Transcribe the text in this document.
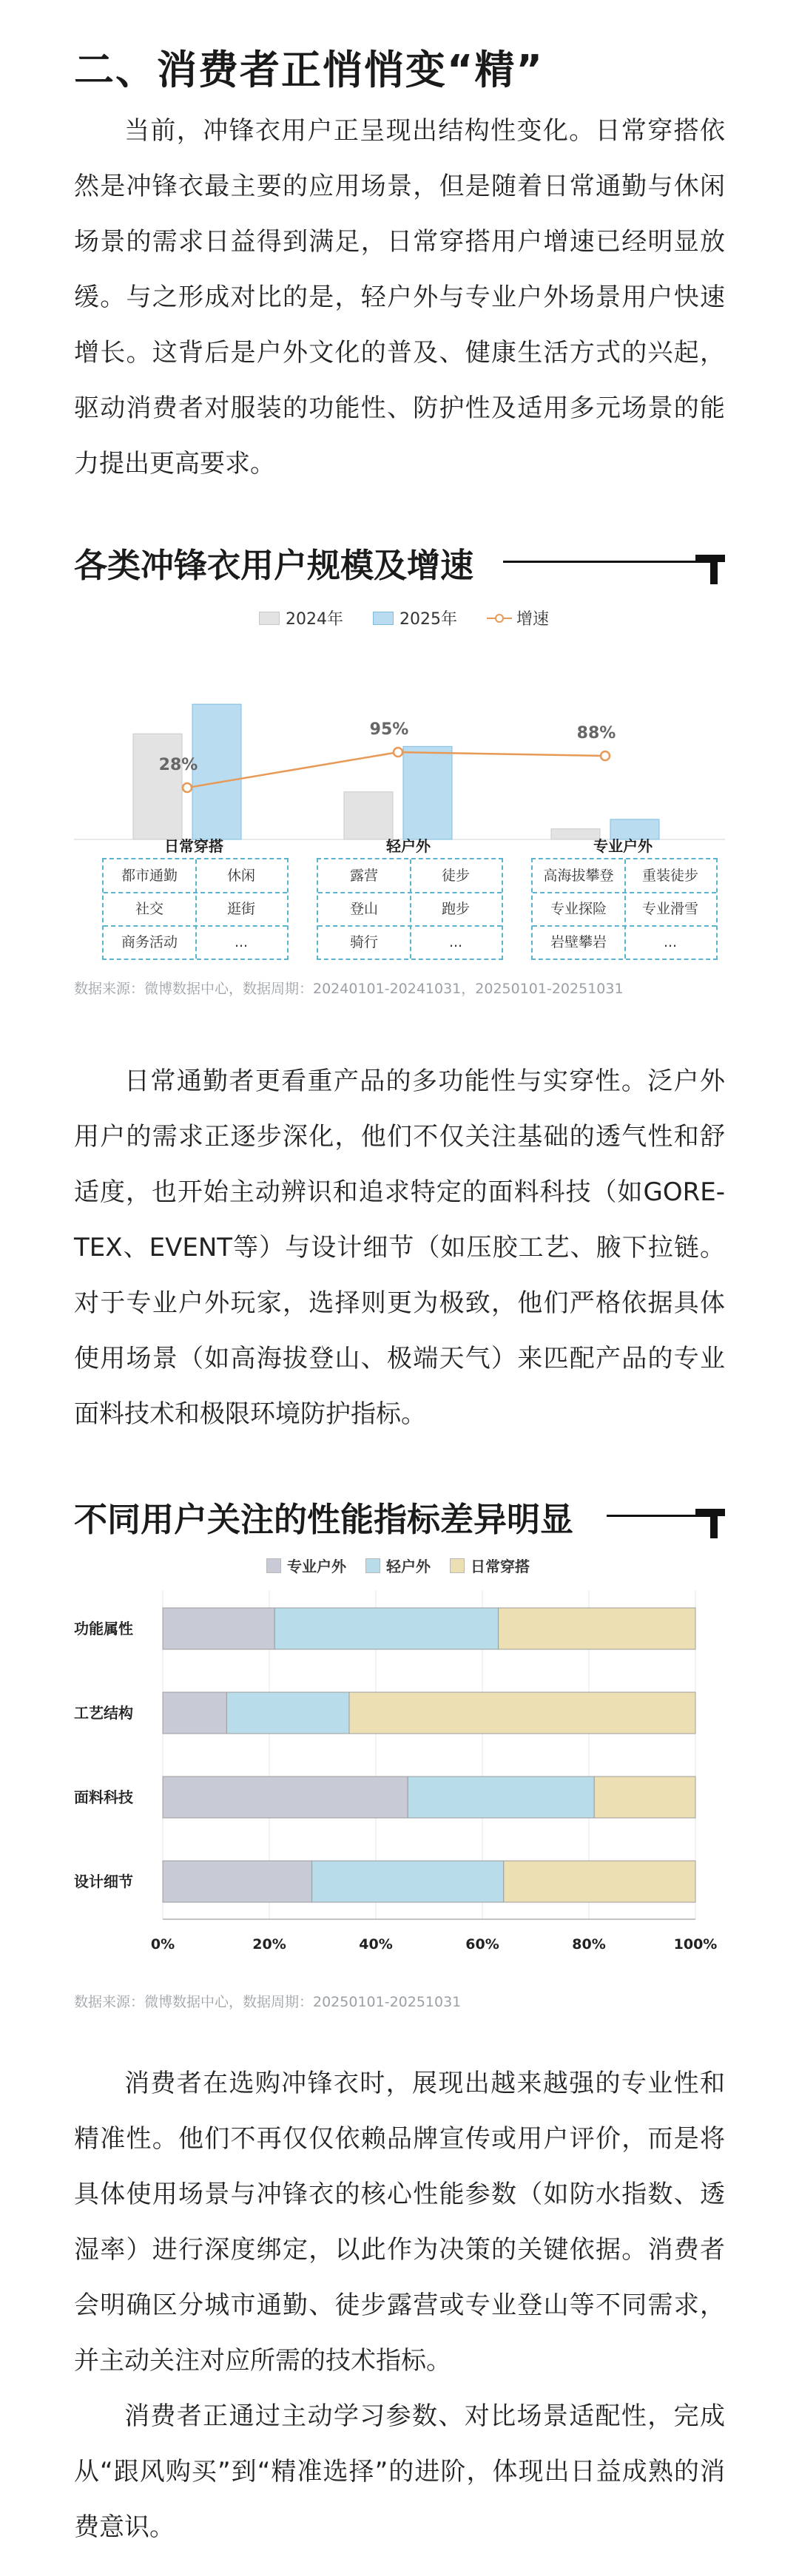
二、消费者正悄悄变“精”

当前，冲锋衣用户正呈现出结构性变化。日常穿搭依然是冲锋衣最主要的应用场景，但是随着日常通勤与休闲场景的需求日益得到满足，日常穿搭用户增速已经明显放缓。与之形成对比的是，轻户外与专业户外场景用户快速增长。这背后是户外文化的普及、健康生活方式的兴起，驱动消费者对服装的功能性、防护性及适用多元场景的能力提出更高要求。

各类冲锋衣用户规模及增速
2024年	2025年	增速
28%
95%	88%
日常穿搭
都市通勤	休闲
社交	逛街
商务活动	...
轻户外
露营	徒步
登山	跑步
骑行	...
专业户外
高海拔攀登	重装徒步
专业探险	专业滑雪
岩壁攀岩	...
数据来源：微博数据中心，数据周期：20240101-20241031，20250101-20251031

日常通勤者更看重产品的多功能性与实穿性。泛户外用户的需求正逐步深化，他们不仅关注基础的透气性和舒适度，也开始主动辨识和追求特定的面料科技（如GORE-TEX、EVENT等）与设计细节（如压胶工艺、腋下拉链。对于专业户外玩家，选择则更为极致，他们严格依据具体使用场景（如高海拔登山、极端天气）来匹配产品的专业面料技术和极限环境防护指标。

不同用户关注的性能指标差异明显
专业户外	轻户外	日常穿搭
0%	20%	40%	60%	80%	100%
功能属性
工艺结构
面料科技
设计细节
数据来源：微博数据中心，数据周期：20250101-20251031

消费者在选购冲锋衣时，展现出越来越强的专业性和精准性。他们不再仅仅依赖品牌宣传或用户评价，而是将具体使用场景与冲锋衣的核心性能参数（如防水指数、透湿率）进行深度绑定，以此作为决策的关键依据。消费者会明确区分城市通勤、徒步露营或专业登山等不同需求，并主动关注对应所需的技术指标。

消费者正通过主动学习参数、对比场景适配性，完成从“跟风购买”到“精准选择”的进阶，体现出日益成熟的消费意识。
